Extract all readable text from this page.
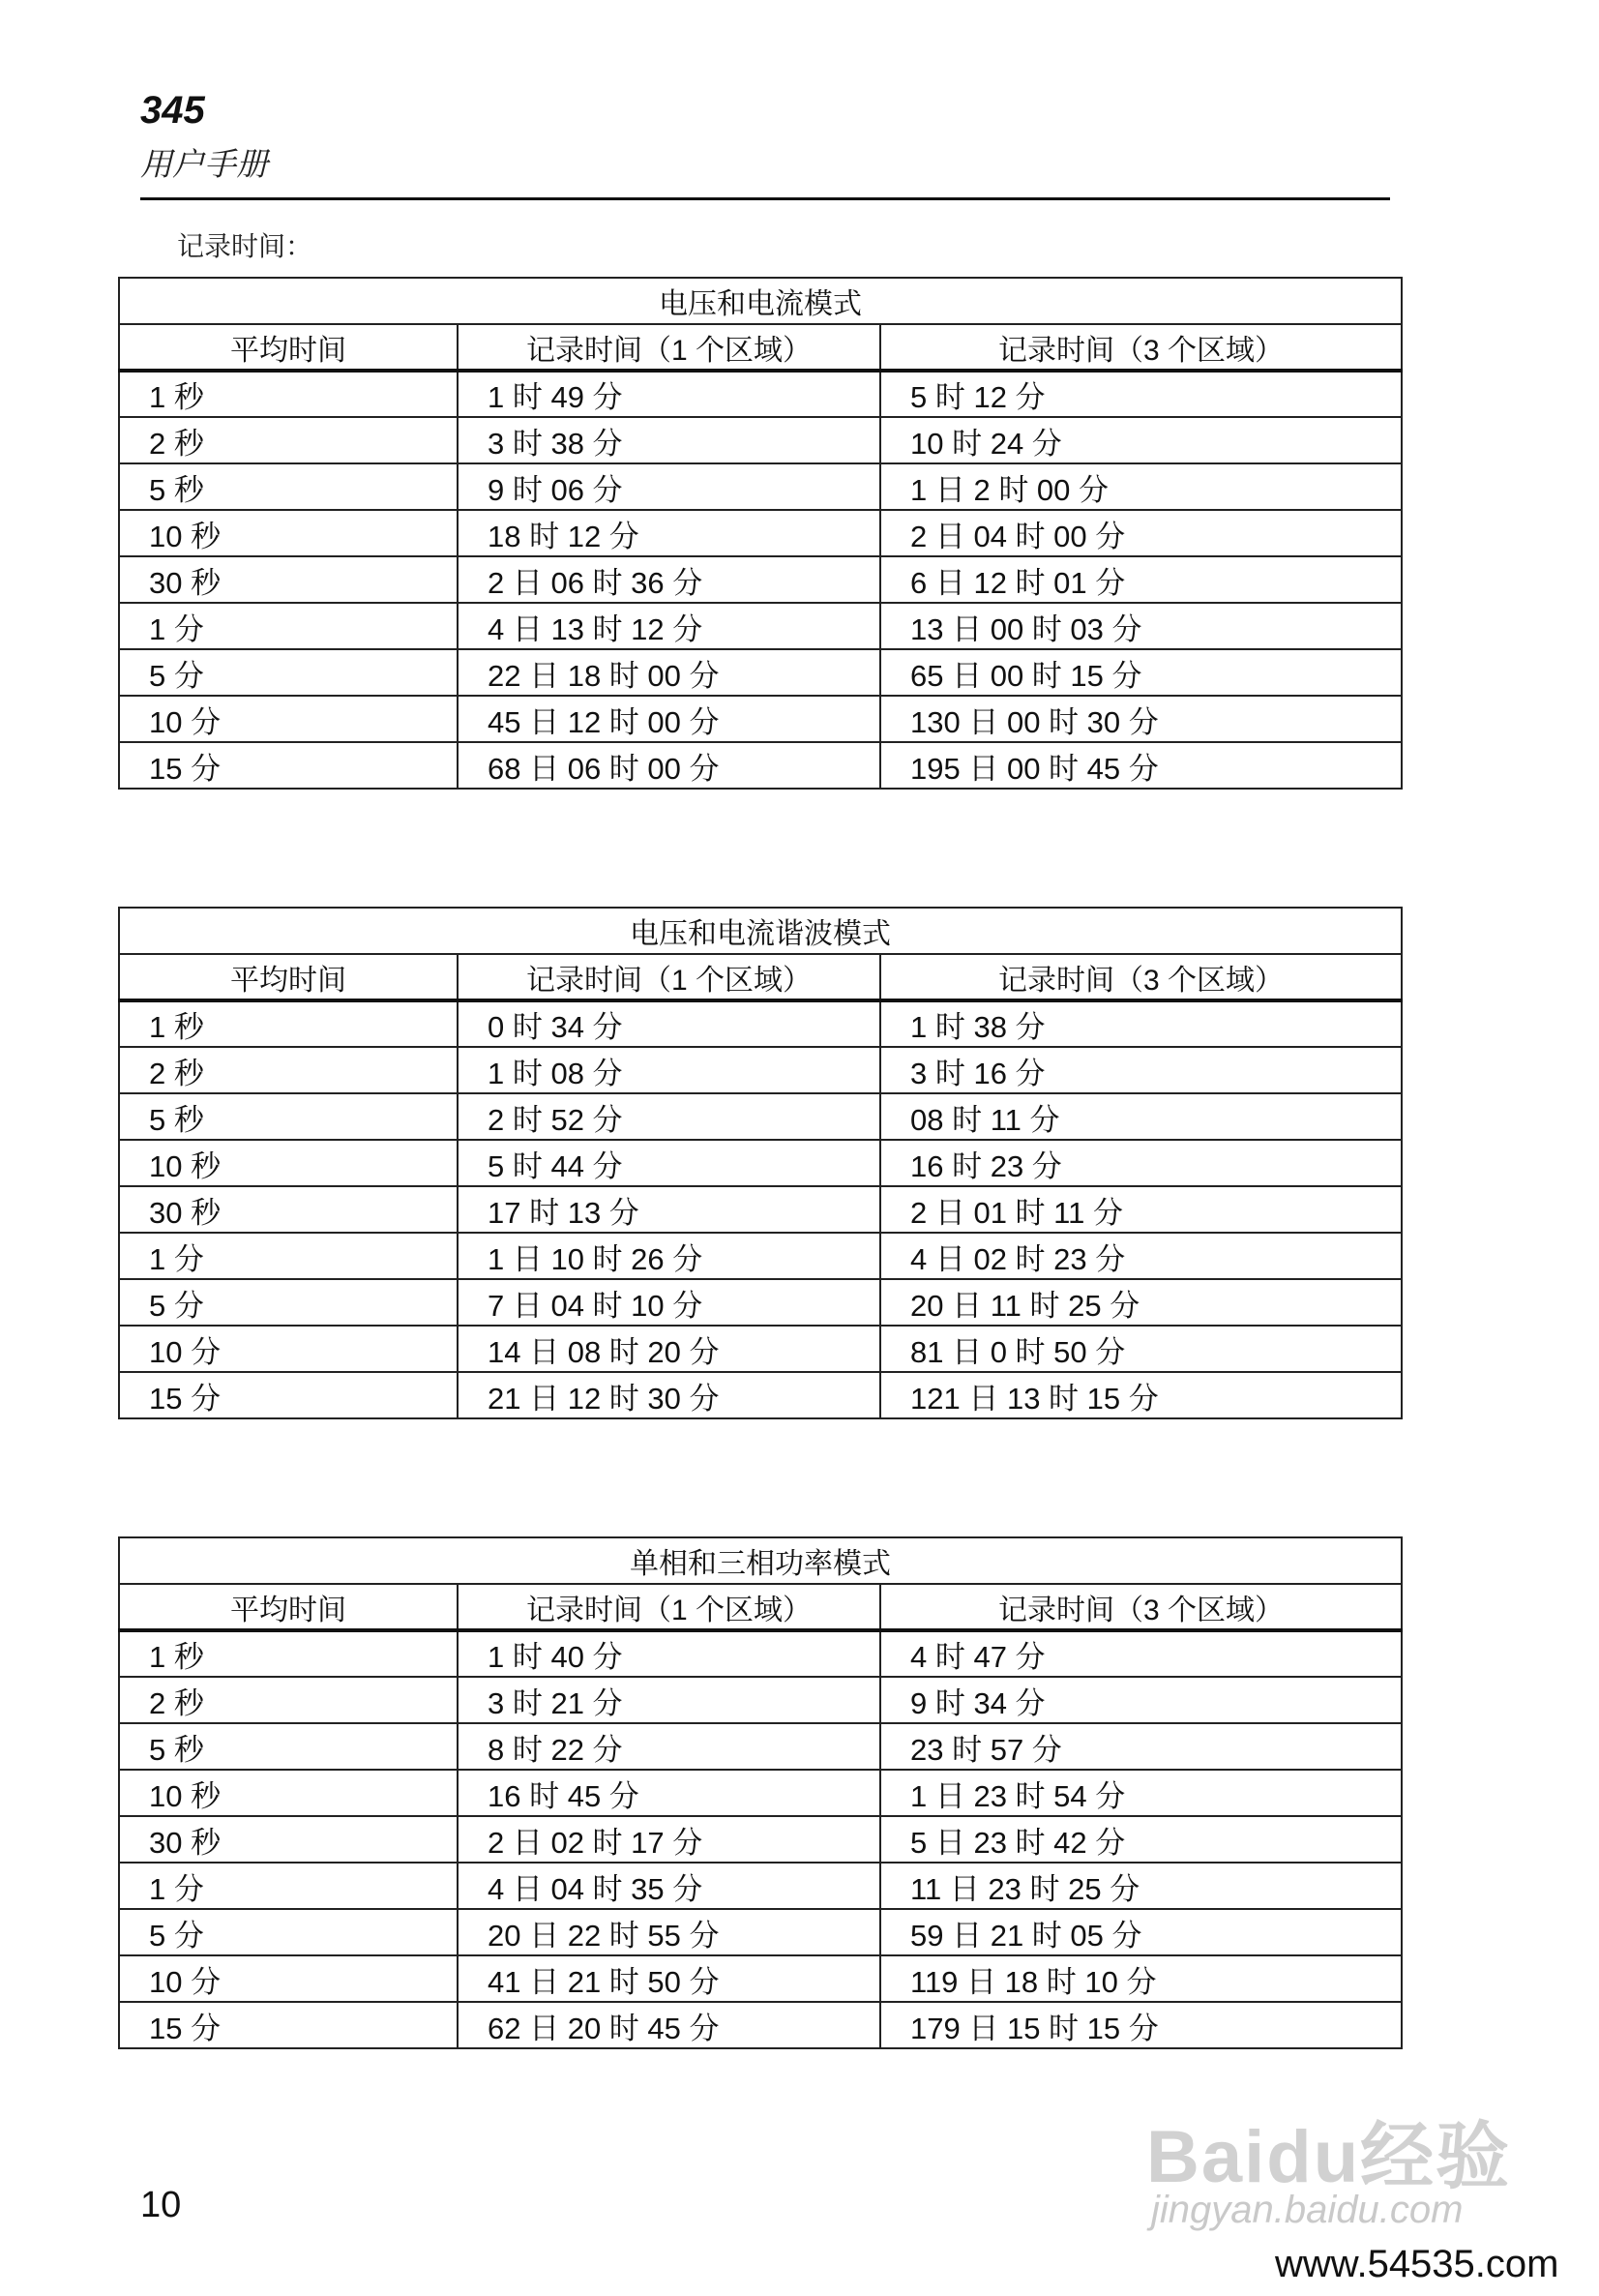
345
用户手册
记录时间：
电压和电流模式		
平均时间	记录时间（1 个区域）	记录时间（3 个区域）
1 秒	1 时 49 分	5 时 12 分
2 秒	3 时 38 分	10 时 24 分
5 秒	9 时 06 分	1 日 2 时 00 分
10 秒	18 时 12 分	2 日 04 时 00 分
30 秒	2 日 06 时 36 分	6 日 12 时 01 分
1 分	4 日 13 时 12 分	13 日 00 时 03 分
5 分	22 日 18 时 00 分	65 日 00 时 15 分
10 分	45 日 12 时 00 分	130 日 00 时 30 分
15 分	68 日 06 时 00 分	195 日 00 时 45 分
电压和电流谐波模式		
平均时间	记录时间（1 个区域）	记录时间（3 个区域）
1 秒	0 时 34 分	1 时 38 分
2 秒	1 时 08 分	3 时 16 分
5 秒	2 时 52 分	08 时 11 分
10 秒	5 时 44 分	16 时 23 分
30 秒	17 时 13 分	2 日 01 时 11 分
1 分	1 日 10 时 26 分	4 日 02 时 23 分
5 分	7 日 04 时 10 分	20 日 11 时 25 分
10 分	14 日 08 时 20 分	81 日 0 时 50 分
15 分	21 日 12 时 30 分	121 日 13 时 15 分
单相和三相功率模式		
平均时间	记录时间（1 个区域）	记录时间（3 个区域）
1 秒	1 时 40 分	4 时 47 分
2 秒	3 时 21 分	9 时 34 分
5 秒	8 时 22 分	23 时 57 分
10 秒	16 时 45 分	1 日 23 时 54 分
30 秒	2 日 02 时 17 分	5 日 23 时 42 分
1 分	4 日 04 时 35 分	11 日 23 时 25 分
5 分	20 日 22 时 55 分	59 日 21 时 05 分
10 分	41 日 21 时 50 分	119 日 18 时 10 分
15 分	62 日 20 时 45 分	179 日 15 时 15 分
10
Baidu经验
jingyan.baidu.com
www.54535.com
